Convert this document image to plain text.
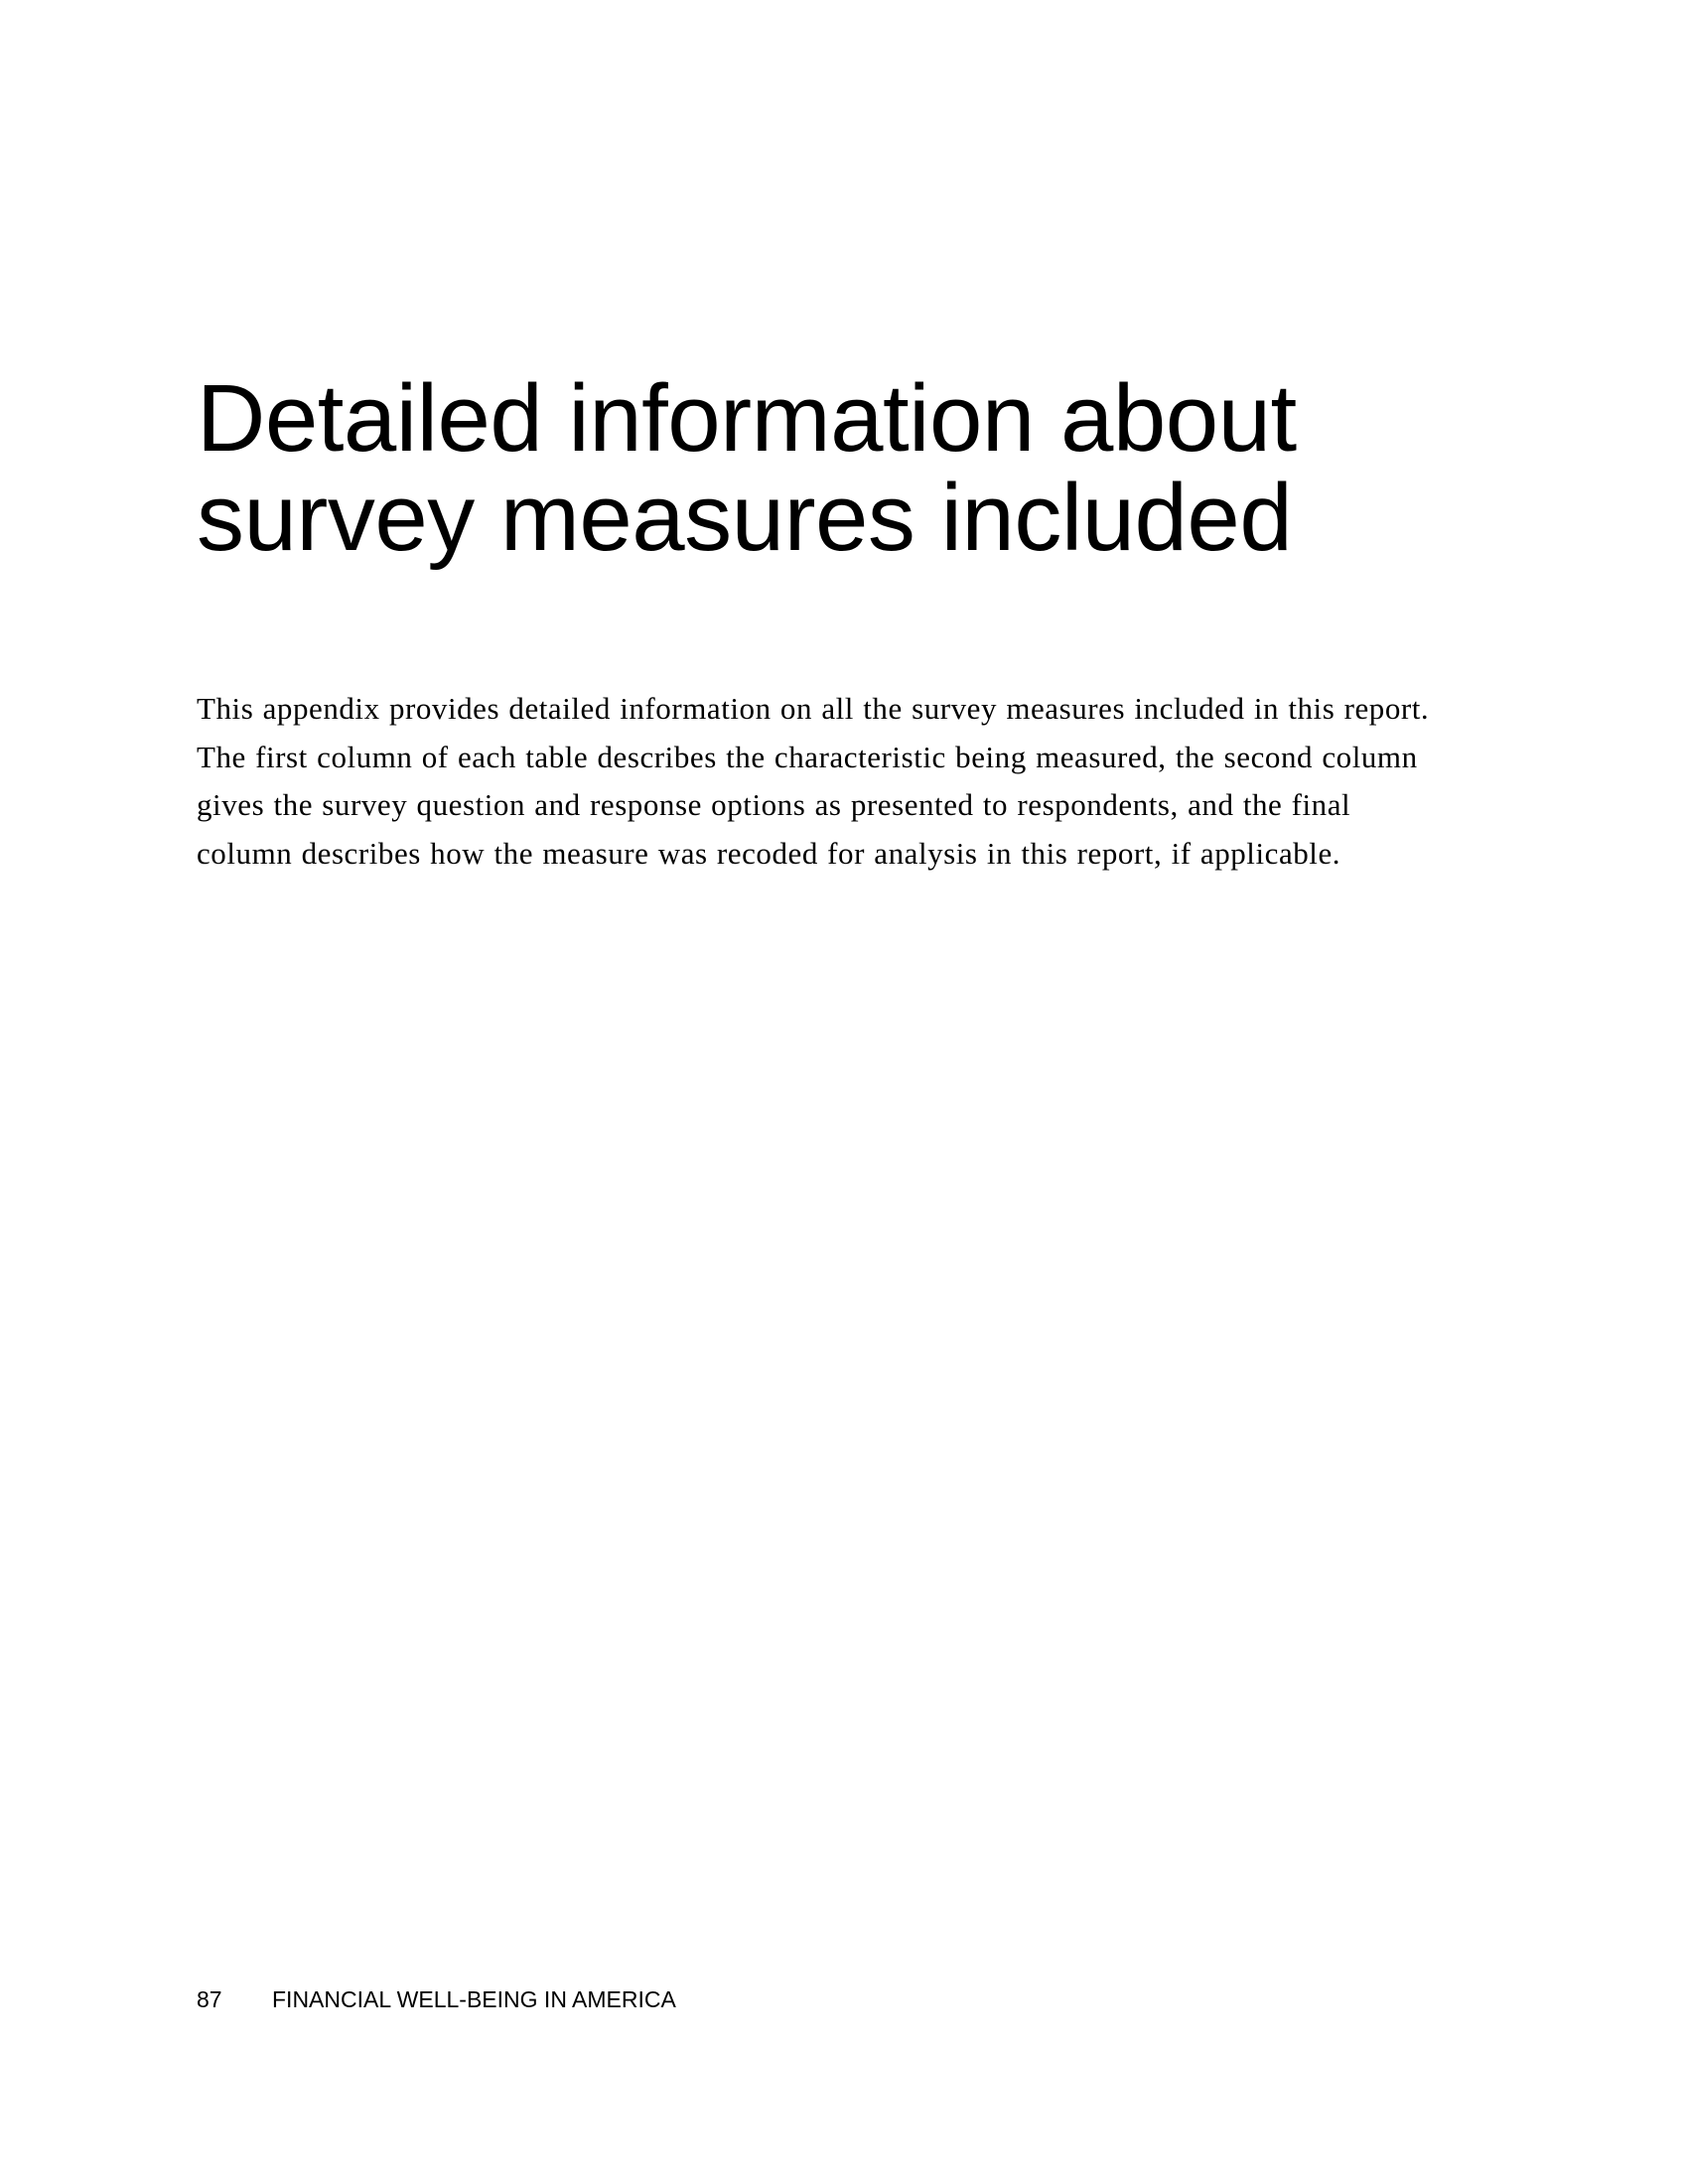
Detailed information about
survey measures included

This appendix provides detailed information on all the survey measures included in this report.
The first column of each table describes the characteristic being measured, the second column
gives the survey question and response options as presented to respondents, and the final
column describes how the measure was recoded for analysis in this report, if applicable.

87 FINANCIAL WELL-BEING IN AMERICA
